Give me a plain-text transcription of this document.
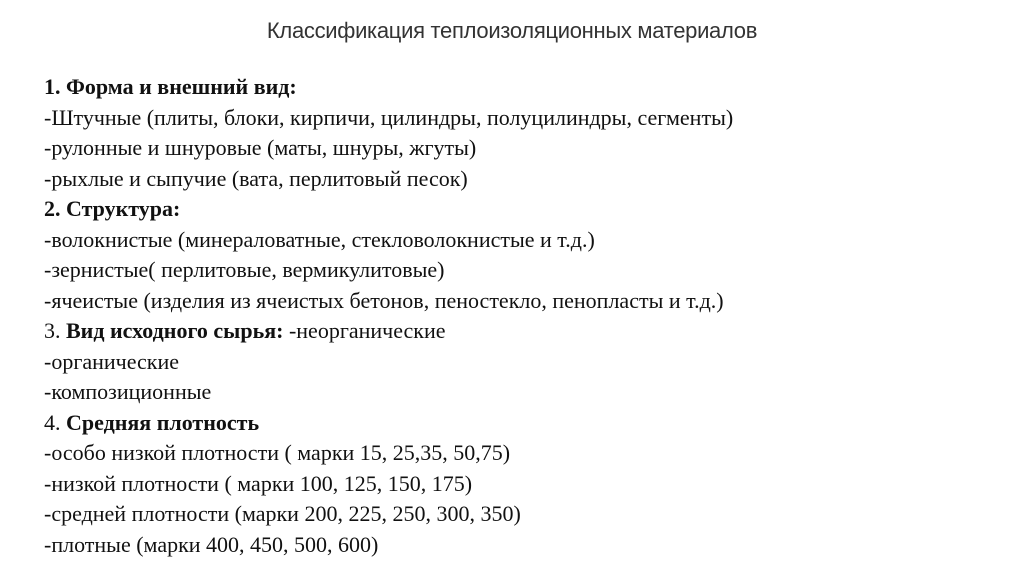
Классификация теплоизоляционных материалов
1. Форма и внешний вид:
-Штучные (плиты, блоки, кирпичи, цилиндры, полуцилиндры, сегменты)
-рулонные и шнуровые (маты, шнуры, жгуты)
-рыхлые и сыпучие (вата, перлитовый песок)
2. Структура:
-волокнистые (минераловатные, стекловолокнистые и т.д.)
-зернистые( перлитовые, вермикулитовые)
-ячеистые (изделия из ячеистых бетонов, пеностекло, пенопласты и т.д.)
3. Вид исходного сырья: -неорганические
-органические
-композиционные
4. Средняя плотность
-особо низкой плотности ( марки 15, 25,35, 50,75)
-низкой плотности ( марки 100, 125, 150, 175)
-средней плотности (марки 200, 225, 250, 300, 350)
-плотные (марки 400, 450, 500, 600)
